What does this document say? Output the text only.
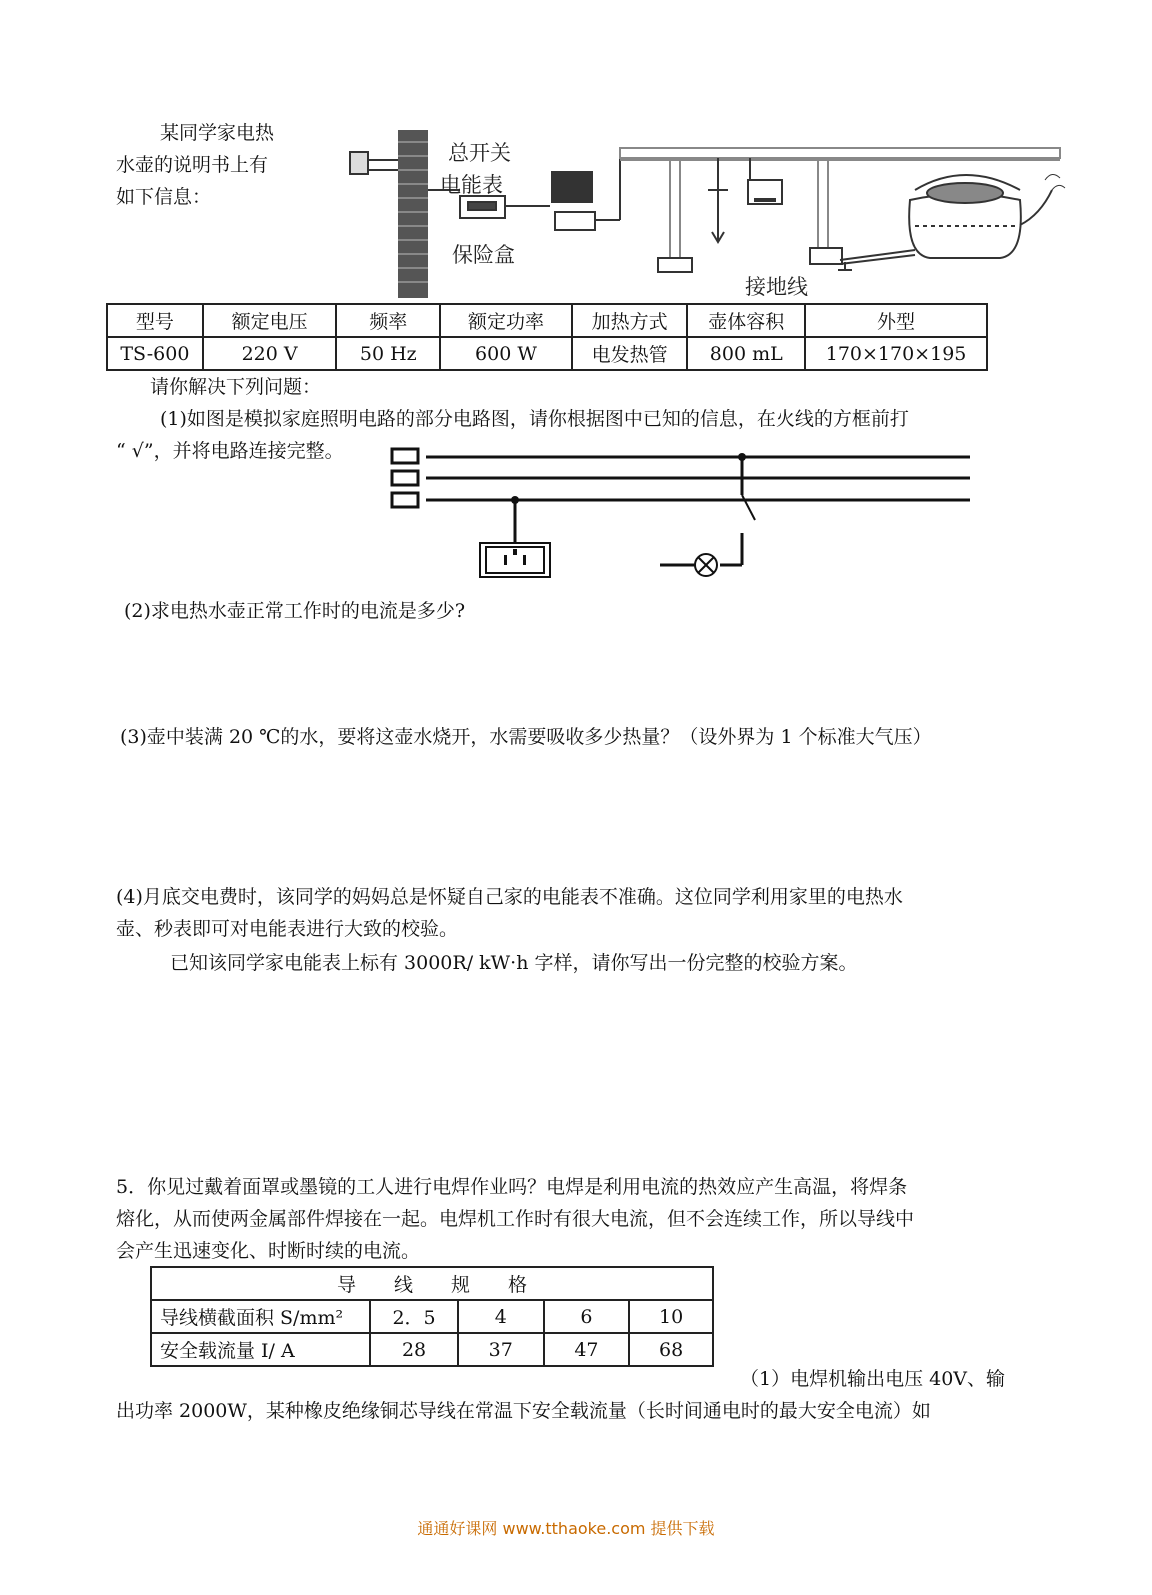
某同学家电热
水壶的说明书上有
如下信息：
总开关
电能表
保险盒
接地线
型号	额定电压	频率	额定功率	加热方式	壶体容积	外型
TS-600	220 V	50 Hz	600 W	电发热管	800 mL	170×170×195
请你解决下列问题：
(1)如图是模拟家庭照明电路的部分电路图，请你根据图中已知的信息，在火线的方框前打
“ √”，并将电路连接完整。
(2)求电热水壶正常工作时的电流是多少?
(3)壶中装满 20 ℃的水，要将这壶水烧开，水需要吸收多少热量？（设外界为 1 个标准大气压）
(4)月底交电费时，该同学的妈妈总是怀疑自己家的电能表不准确。这位同学利用家里的电热水
壶、秒表即可对电能表进行大致的校验。
已知该同学家电能表上标有 3000R/ kW·h 字样，请你写出一份完整的校验方案。
5．你见过戴着面罩或墨镜的工人进行电焊作业吗？电焊是利用电流的热效应产生高温，将焊条
熔化，从而使两金属部件焊接在一起。电焊机工作时有很大电流，但不会连续工作，所以导线中
会产生迅速变化、时断时续的电流。
导　　线　　规　　格				
导线横截面积 S/mm²	2．5	4	6	10
安全载流量 I/ A	28	37	47	68
（1）电焊机输出电压 40V、输
出功率 2000W，某种橡皮绝缘铜芯导线在常温下安全载流量（长时间通电时的最大安全电流）如
通通好课网 www.tthaoke.com 提供下载
